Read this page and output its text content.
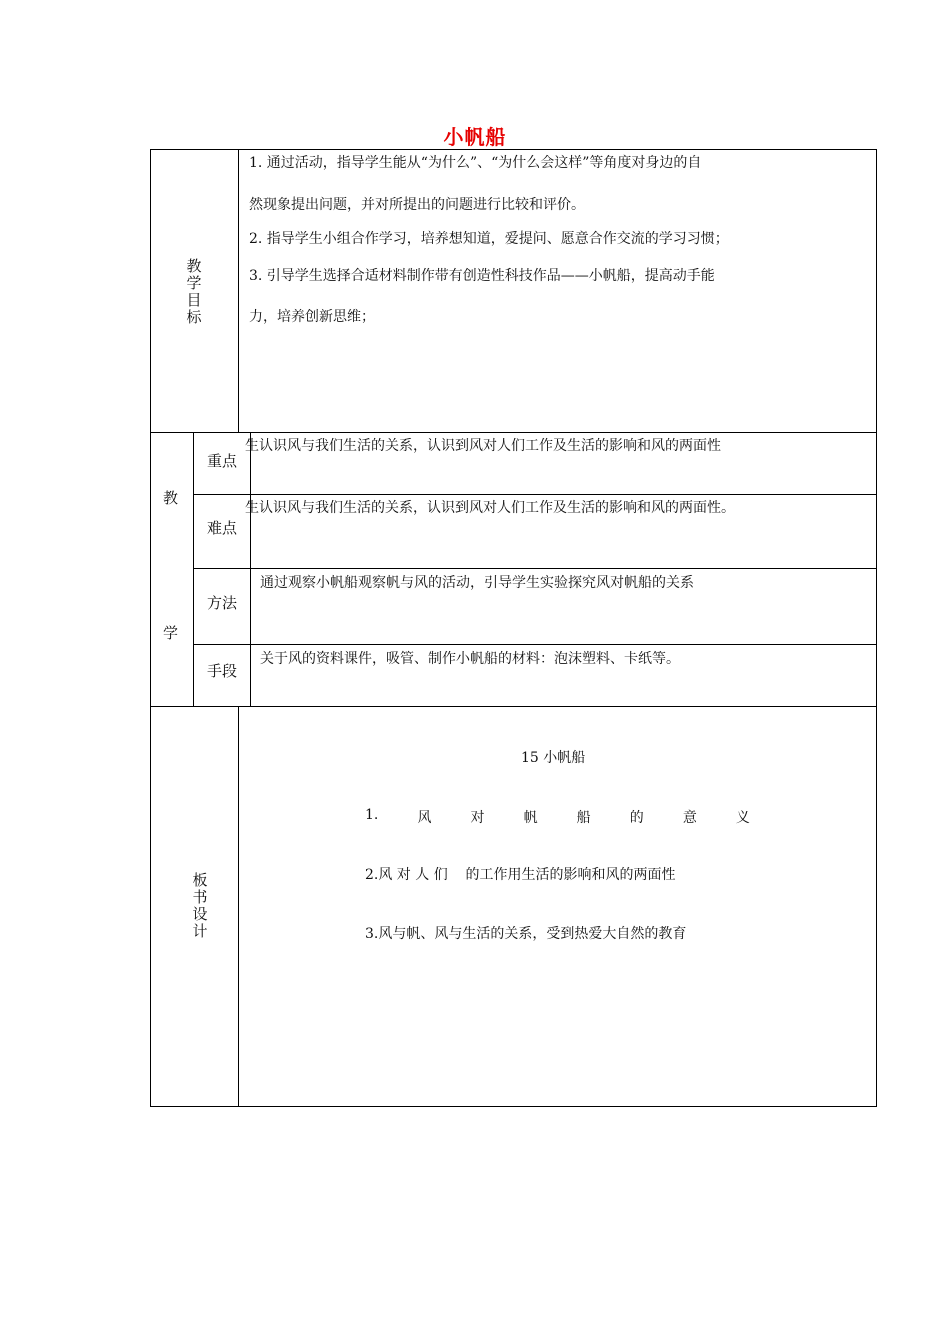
小帆船
教学目标
1. 通过活动，指导学生能从“为什么”、“为什么会这样”等角度对身边的自
然现象提出问题，并对所提出的问题进行比较和评价。
2. 指导学生小组合作学习，培养想知道，爱提问、愿意合作交流的学习习惯；
3. 引导学生选择合适材料制作带有创造性科技作品——小帆船，提高动手能
力，培养创新思维；
教
学
重点
生认识风与我们生活的关系，认识到风对人们工作及生活的影响和风的两面性
难点
生认识风与我们生活的关系，认识到风对人们工作及生活的影响和风的两面性。
方法
通过观察小帆船观察帆与风的活动，引导学生实验探究风对帆船的关系
手段
关于风的资料课件，吸管、制作小帆船的材料：泡沫塑料、卡纸等。
板书设计
15 小帆船
1.	风	对	帆	船	的	意	义
2.风 对 人 们    的工作用生活的影响和风的两面性
3.风与帆、风与生活的关系，受到热爱大自然的教育
